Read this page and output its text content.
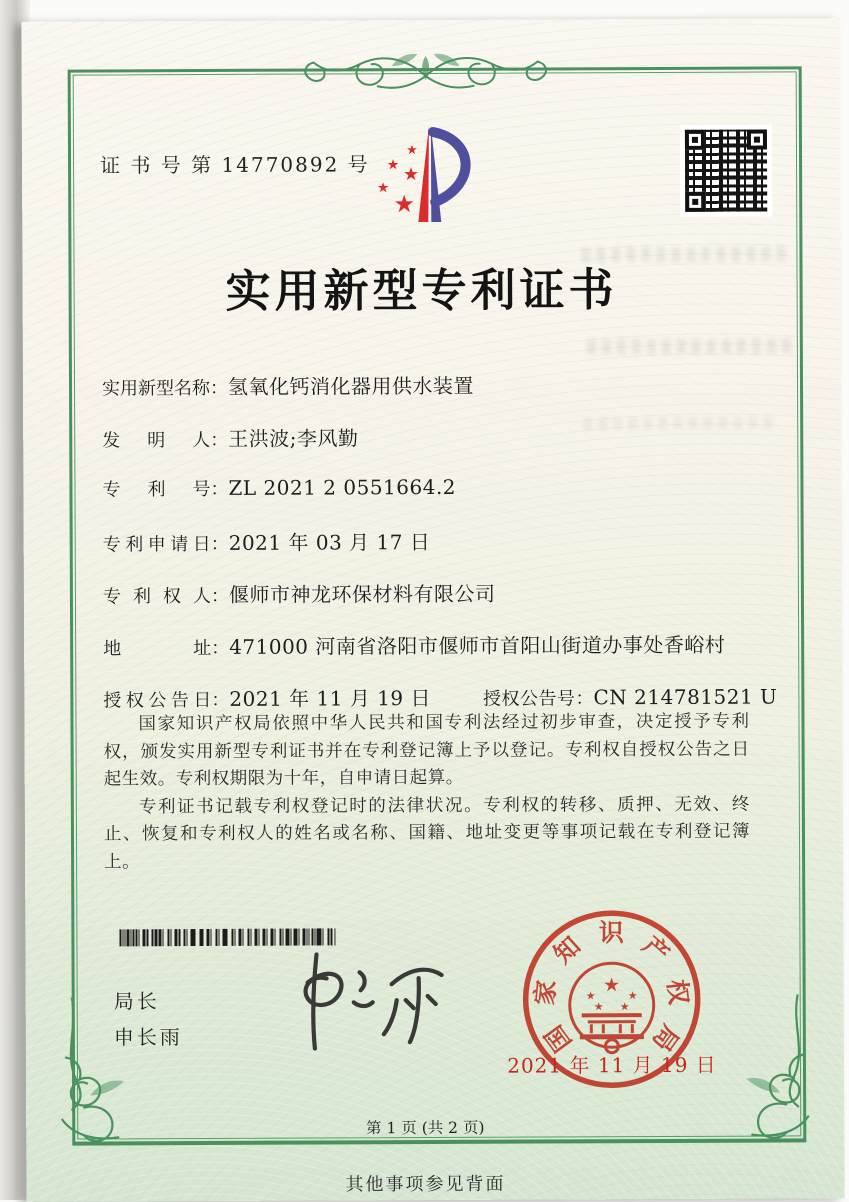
证 书 号 第 14770892 号
★
★ ★
★
★
实用新型专利证书
实用新型名称：氢氧化钙消化器用供水装置
发明人：王洪波;李风勤
专利号：ZL 2021 2 0551664.2
专利申请日：2021 年 03 月 17 日
专利权人：偃师市神龙环保材料有限公司
地址：471000 河南省洛阳市偃师市首阳山街道办事处香峪村
授权公告日：2021 年 11 月 19 日	授权公告号：CN 214781521 U

国家知识产权局依照中华人民共和国专利法经过初步审查，决定授予专利权，颁发实用新型专利证书并在专利登记簿上予以登记。专利权自授权公告之日起生效。专利权期限为十年，自申请日起算。

专利证书记载专利权登记时的法律状况。专利权的转移、质押、无效、终止、恢复和专利权人的姓名或名称、国籍、地址变更等事项记载在专利登记簿上。

局长
申长雨	国
家
知 识 产
权
局
★
★	★
★ ★
2021 年 11 月 19 日
第 1 页 (共 2 页)
其他事项参见背面
